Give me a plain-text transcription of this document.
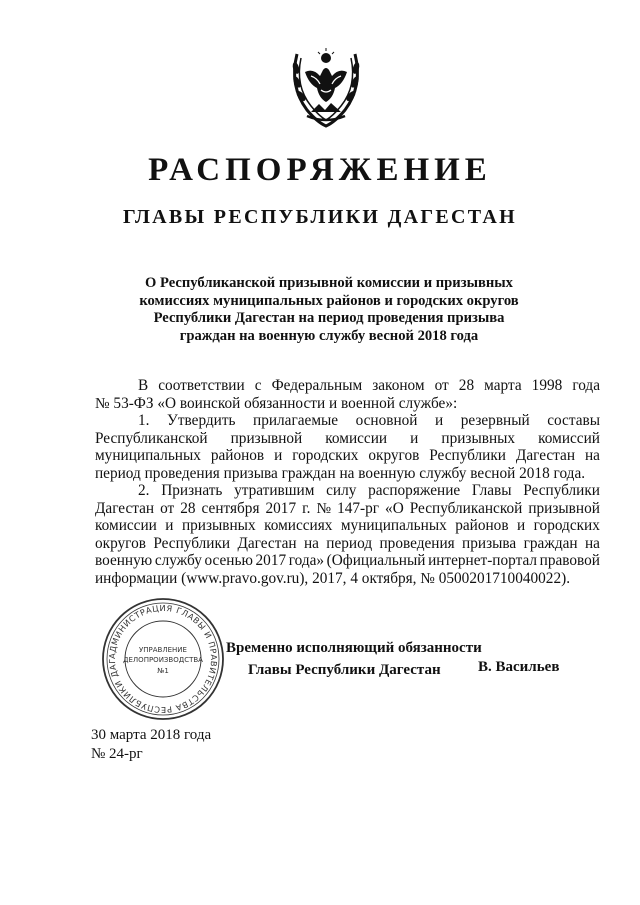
РАСПОРЯЖЕНИЕ
ГЛАВЫ РЕСПУБЛИКИ ДАГЕСТАН
О Республиканской призывной комиссии и призывных
комиссиях муниципальных районов и городских округов
Республики Дагестан на период проведения призыва
граждан на военную службу весной 2018 года
В соответствии с Федеральным законом от 28 марта 1998 года
№ 53-ФЗ «О воинской обязанности и военной службе»:
1. Утвердить прилагаемые основной и резервный составы
Республиканской призывной комиссии и призывных комиссий
муниципальных районов и городских округов Республики Дагестан на
период проведения призыва граждан на военную службу весной 2018 года.
2. Признать утратившим силу распоряжение Главы Республики
Дагестан от 28 сентября 2017 г. № 147-рг «О Республиканской призывной
комиссии и призывных комиссиях муниципальных районов и городских
округов Республики Дагестан на период проведения призыва граждан на
военную службу осенью 2017 года» (Официальный интернет-портал правовой
информации (www.pravo.gov.ru), 2017, 4 октября, № 0500201710040022).
АДМИНИСТРАЦИЯ ГЛАВЫ И ПРАВИТЕЛЬСТВА РЕСПУБЛИКИ ДАГ
УПРАВЛЕНИЕ
ДЕЛОПРОИЗВОДСТВА
№1
Временно исполняющий обязанности
Главы Республики Дагестан	В. Васильев
30 марта 2018 года
№ 24-рг
